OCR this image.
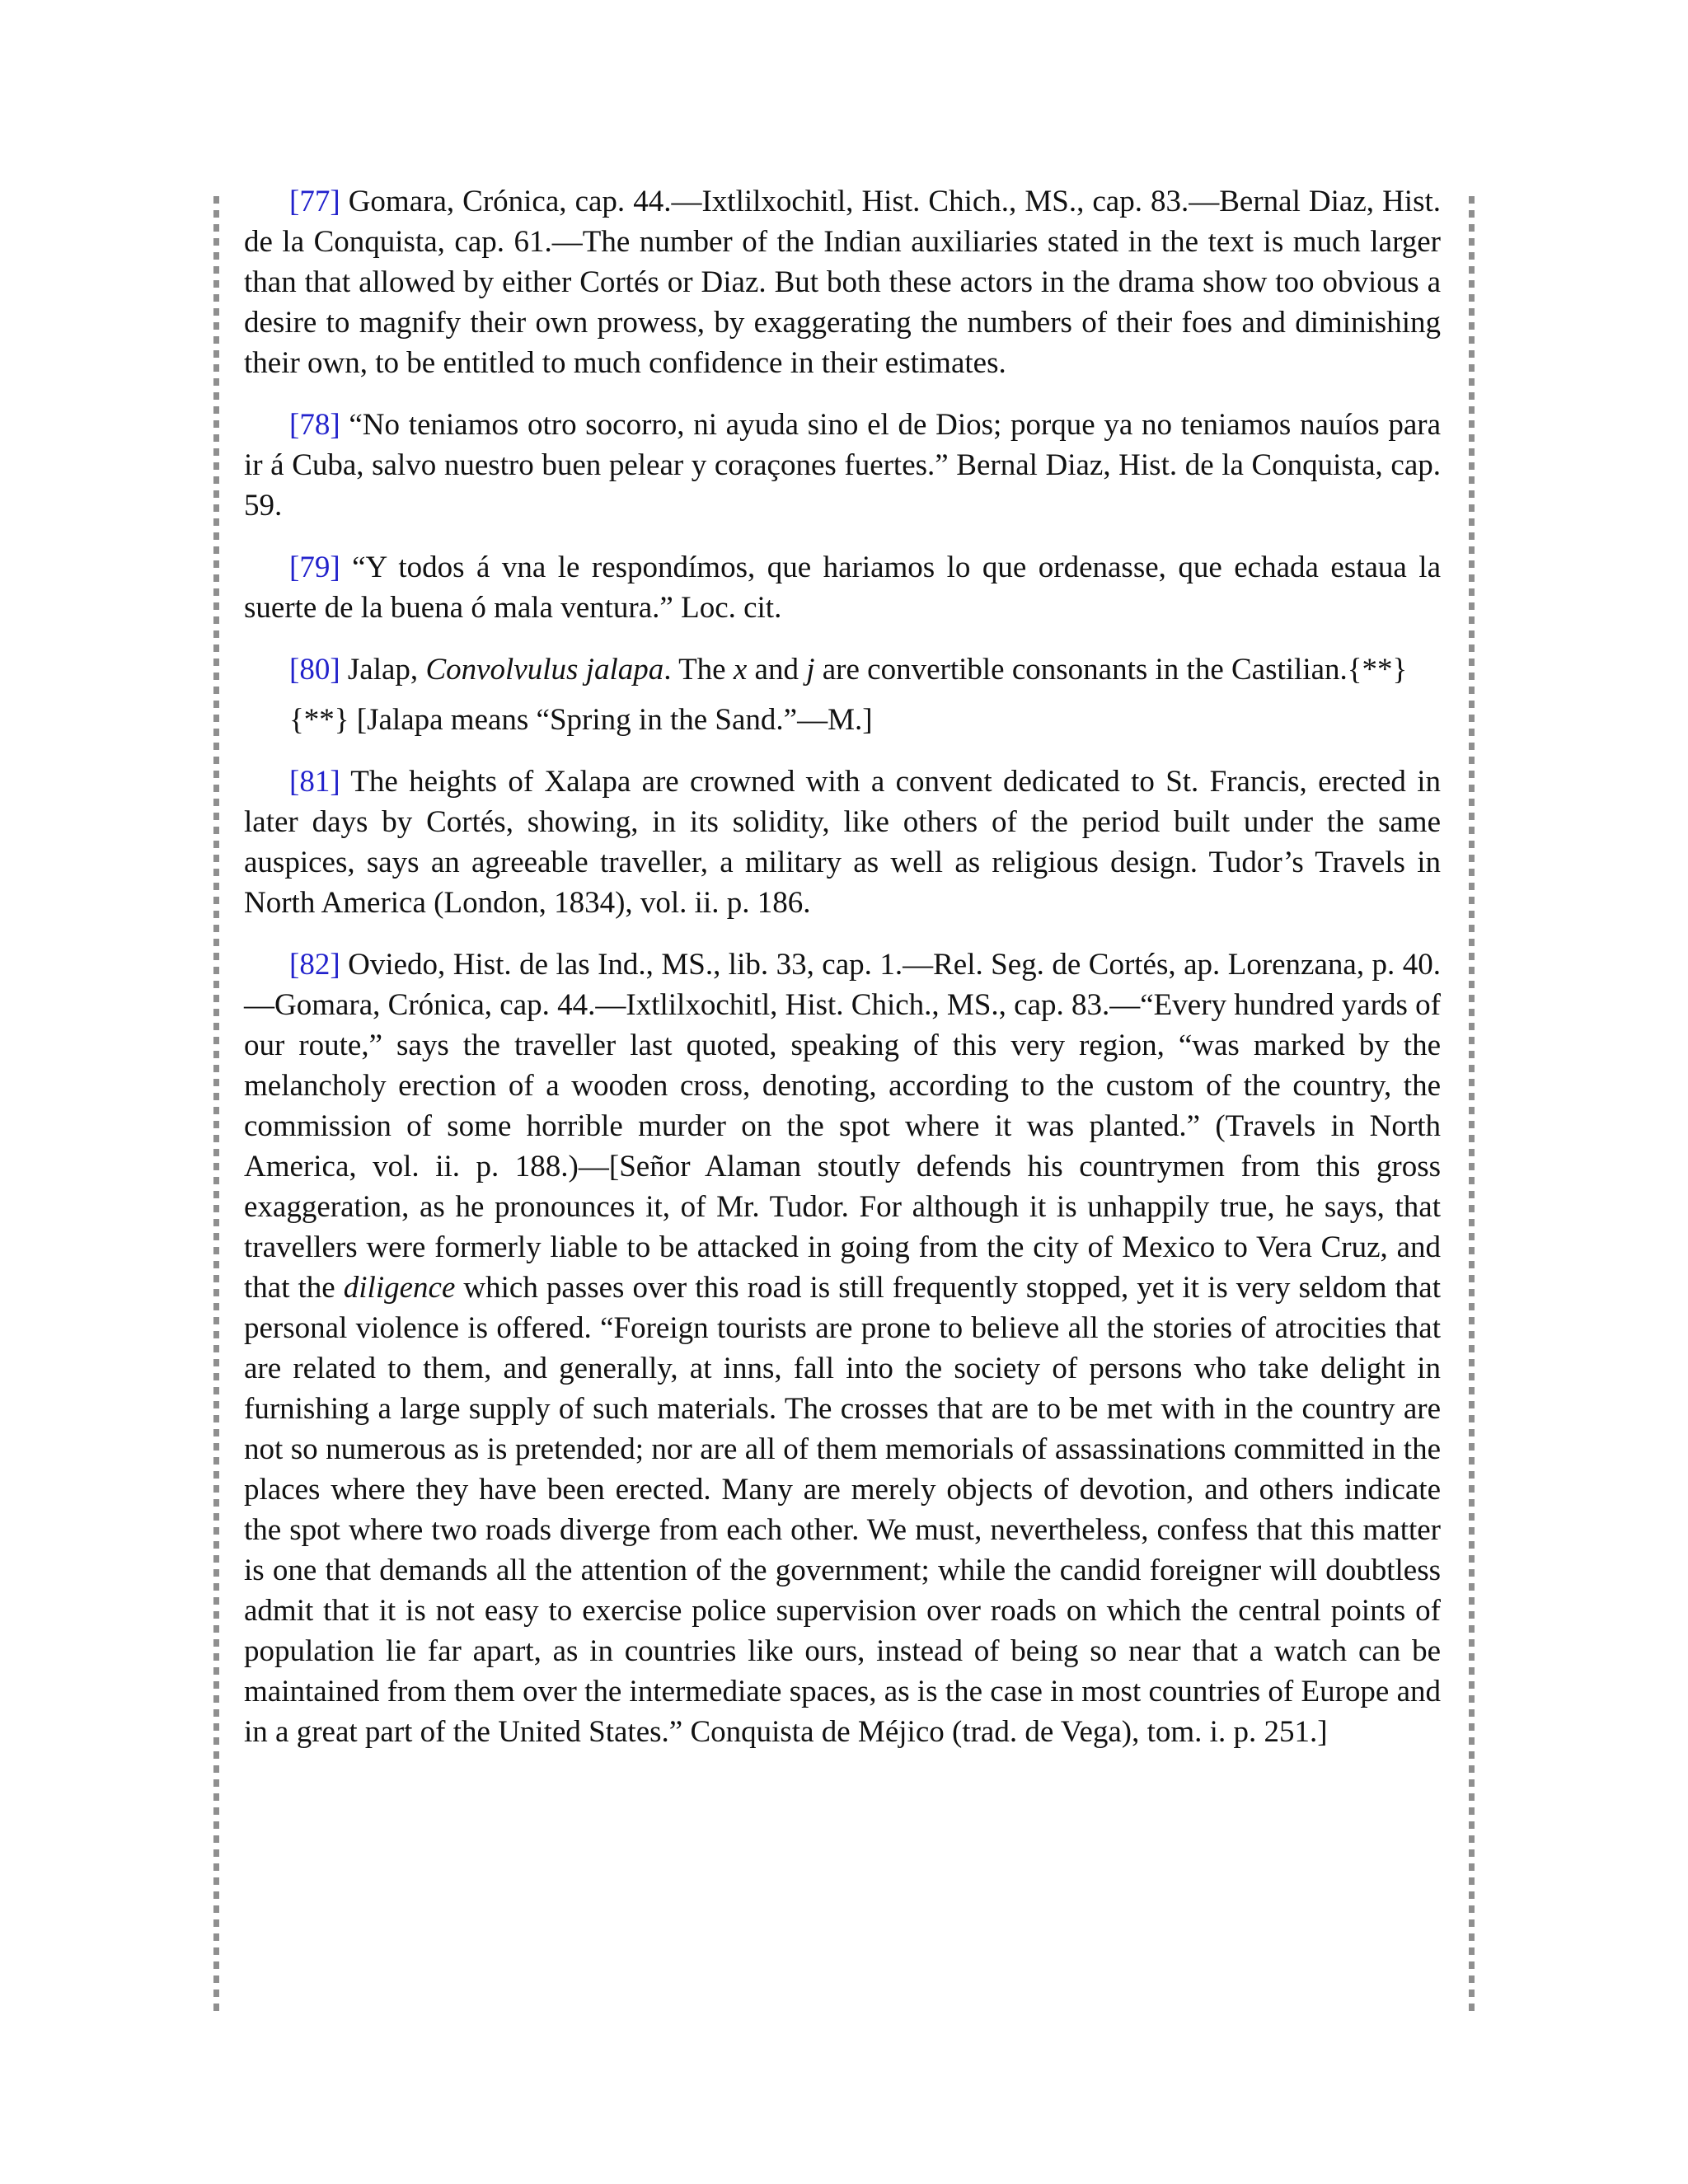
[77] Gomara, Crónica, cap. 44.—Ixtlilxochitl, Hist. Chich., MS., cap. 83.—Bernal Diaz, Hist. de la Conquista, cap. 61.—The number of the Indian auxiliaries stated in the text is much larger than that allowed by either Cortés or Diaz. But both these actors in the drama show too obvious a desire to magnify their own prowess, by exaggerating the numbers of their foes and diminishing their own, to be entitled to much confidence in their estimates.

[78] “No teniamos otro socorro, ni ayuda sino el de Dios; porque ya no teniamos nauíos para ir á Cuba, salvo nuestro buen pelear y coraçones fuertes.” Bernal Diaz, Hist. de la Conquista, cap. 59.

[79] “Y todos á vna le respondímos, que hariamos lo que ordenasse, que echada estaua la suerte de la buena ó mala ventura.” Loc. cit.

[80] Jalap, Convolvulus jalapa. The x and j are convertible consonants in the Castilian.{**}

{**} [Jalapa means “Spring in the Sand.”—M.]

[81] The heights of Xalapa are crowned with a convent dedicated to St. Francis, erected in later days by Cortés, showing, in its solidity, like others of the period built under the same auspices, says an agreeable traveller, a military as well as religious design. Tudor’s Travels in North America (London, 1834), vol. ii. p. 186.

[82] Oviedo, Hist. de las Ind., MS., lib. 33, cap. 1.—Rel. Seg. de Cortés, ap. Lorenzana, p. 40.—Gomara, Crónica, cap. 44.—Ixtlilxochitl, Hist. Chich., MS., cap. 83.—“Every hundred yards of our route,” says the traveller last quoted, speaking of this very region, “was marked by the melancholy erection of a wooden cross, denoting, according to the custom of the country, the commission of some horrible murder on the spot where it was planted.” (Travels in North America, vol. ii. p. 188.)—[Señor Alaman stoutly defends his countrymen from this gross exaggeration, as he pronounces it, of Mr. Tudor. For although it is unhappily true, he says, that travellers were formerly liable to be attacked in going from the city of Mexico to Vera Cruz, and that the diligence which passes over this road is still frequently stopped, yet it is very seldom that personal violence is offered. “Foreign tourists are prone to believe all the stories of atrocities that are related to them, and generally, at inns, fall into the society of persons who take delight in furnishing a large supply of such materials. The crosses that are to be met with in the country are not so numerous as is pretended; nor are all of them memorials of assassinations committed in the places where they have been erected. Many are merely objects of devotion, and others indicate the spot where two roads diverge from each other. We must, nevertheless, confess that this matter is one that demands all the attention of the government; while the candid foreigner will doubtless admit that it is not easy to exercise police supervision over roads on which the central points of population lie far apart, as in countries like ours, instead of being so near that a watch can be maintained from them over the intermediate spaces, as is the case in most countries of Europe and in a great part of the United States.” Conquista de Méjico (trad. de Vega), tom. i. p. 251.]
